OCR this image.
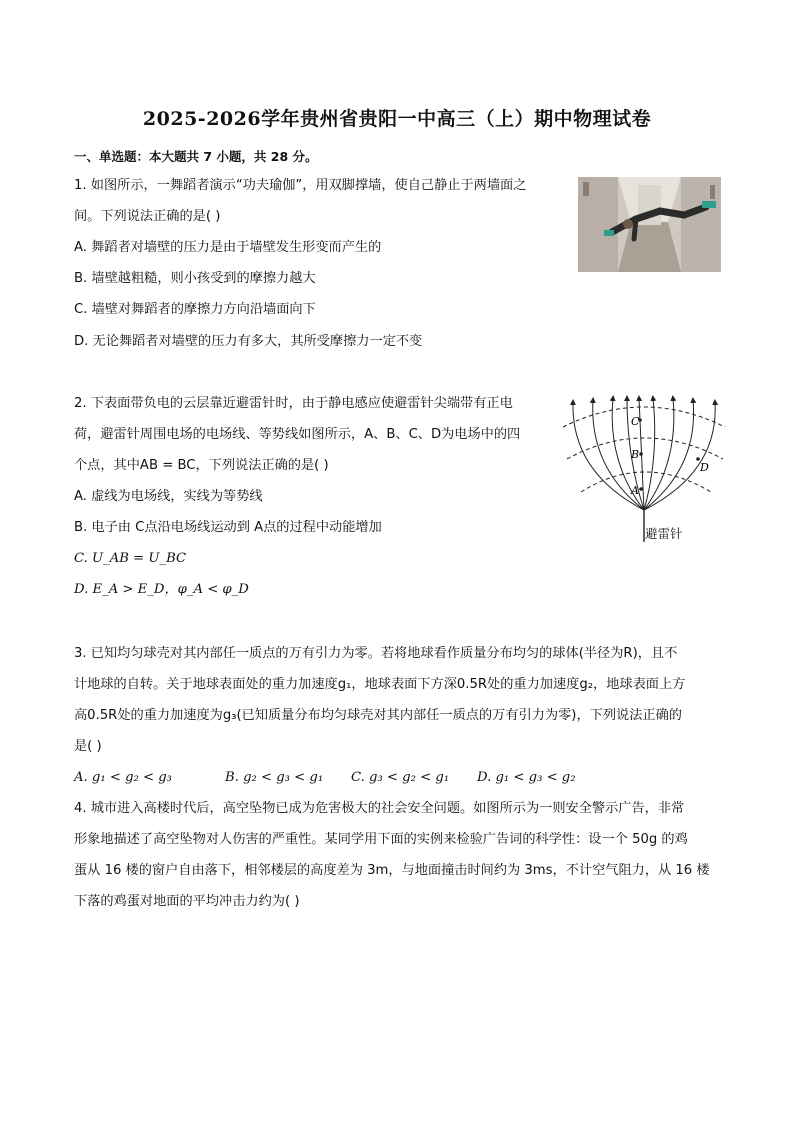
2025-2026学年贵州省贵阳一中高三（上）期中物理试卷
一、单选题：本大题共 7 小题，共 28 分。
1. 如图所示，一舞蹈者演示“功夫瑜伽”，用双脚撑墙，使自己静止于两墙面之
间。下列说法正确的是( )
A. 舞蹈者对墙壁的压力是由于墙壁发生形变而产生的
B. 墙壁越粗糙，则小孩受到的摩擦力越大
C. 墙壁对舞蹈者的摩擦力方向沿墙面向下
D. 无论舞蹈者对墙壁的压力有多大，其所受摩擦力一定不变
2. 下表面带负电的云层靠近避雷针时，由于静电感应使避雷针尖端带有正电
荷，避雷针周围电场的电场线、等势线如图所示，A、B、C、D为电场中的四
个点，其中AB = BC，下列说法正确的是( )
A. 虚线为电场线，实线为等势线
B. 电子由 C点沿电场线运动到 A点的过程中动能增加
C. U_AB = U_BC
D. E_A > E_D，φ_A < φ_D
A
B
C
D
避雷针
3. 已知均匀球壳对其内部任一质点的万有引力为零。若将地球看作质量分布均匀的球体(半径为R)，且不
计地球的自转。关于地球表面处的重力加速度g₁，地球表面下方深0.5R处的重力加速度g₂，地球表面上方
高0.5R处的重力加速度为g₃(已知质量分布均匀球壳对其内部任一质点的万有引力为零)，下列说法正确的
是( )
A. g₁ < g₂ < g₃	B. g₂ < g₃ < g₁ C. g₃ < g₂ < g₁ D. g₁ < g₃ < g₂
4. 城市进入高楼时代后，高空坠物已成为危害极大的社会安全问题。如图所示为一则安全警示广告，非常
形象地描述了高空坠物对人伤害的严重性。某同学用下面的实例来检验广告词的科学性：设一个 50g 的鸡
蛋从 16 楼的窗户自由落下，相邻楼层的高度差为 3m，与地面撞击时间约为 3ms，不计空气阻力，从 16 楼
下落的鸡蛋对地面的平均冲击力约为( )
